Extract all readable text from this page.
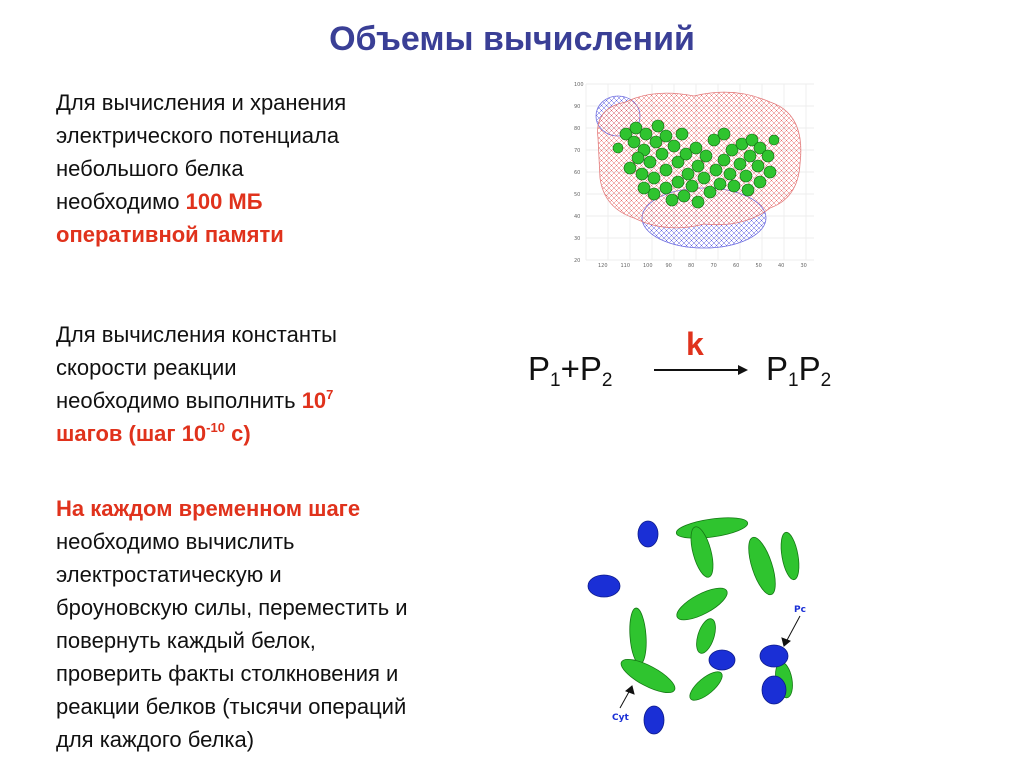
Объемы вычислений
Для вычисления и хранения
электрического потенциала
небольшого белка
необходимо 100 МБ
оперативной памяти
100
90
80
70
60
50
40
30
20
120	110	100	90	80	70	60	50	40	30
Для вычисления константы
скорости реакции
необходимо выполнить $10^7$
шагов (шаг $10^{-10}$ с)
k
$P_1+P_2$	$P_1P_2$
На каждом временном шаге
необходимо вычислить
электростатическую и
броуновскую силы, переместить и
повернуть каждый белок,
проверить факты столкновения и
реакции белков (тысячи операций
для каждого белка)
Pc
Cyt
